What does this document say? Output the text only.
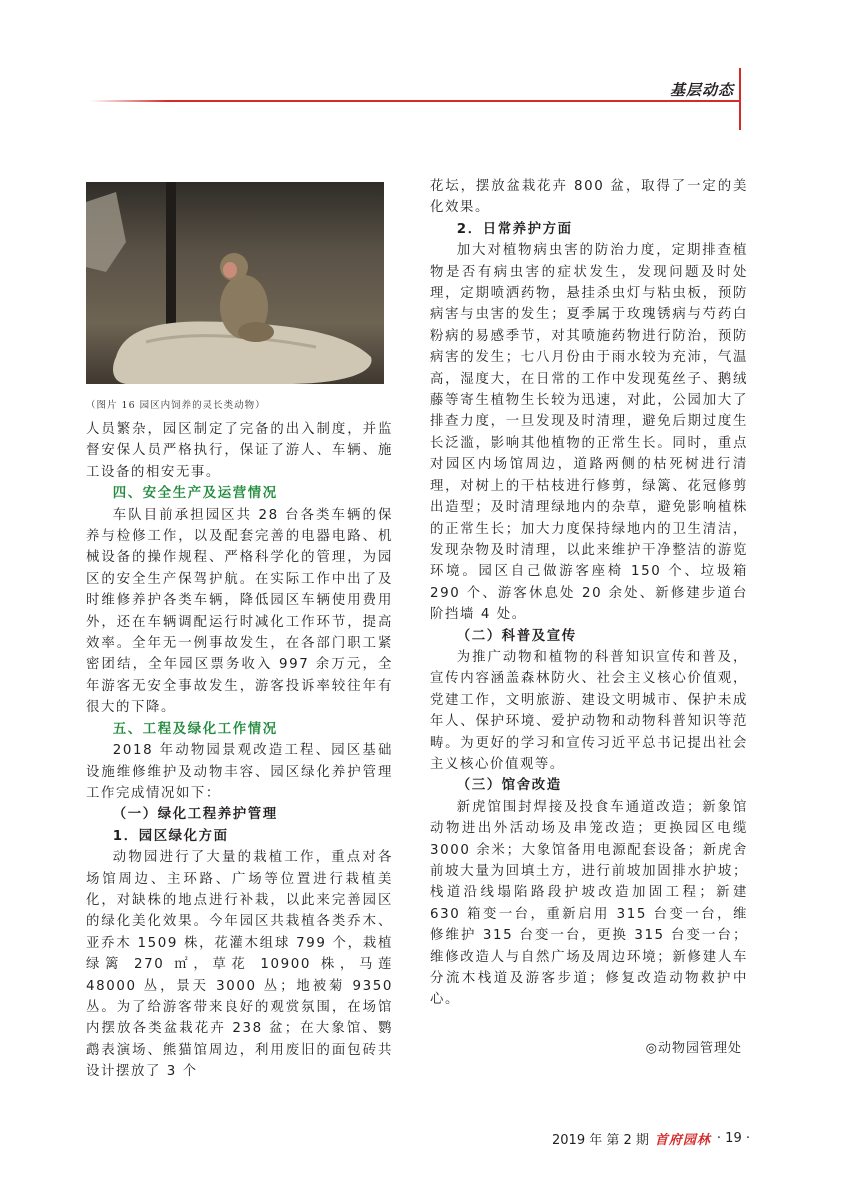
基层动态
（图片 16 园区内饲养的灵长类动物）

人员繁杂，园区制定了完备的出入制度，并监督安保人员严格执行，保证了游人、车辆、施工设备的相安无事。

四、安全生产及运营情况

车队目前承担园区共 28 台各类车辆的保养与检修工作，以及配套完善的电器电路、机械设备的操作规程、严格科学化的管理，为园区的安全生产保驾护航。在实际工作中出了及时维修养护各类车辆，降低园区车辆使用费用外，还在车辆调配运行时减化工作环节，提高效率。全年无一例事故发生，在各部门职工紧密团结，全年园区票务收入 997 余万元，全年游客无安全事故发生，游客投诉率较往年有很大的下降。

五、工程及绿化工作情况

2018 年动物园景观改造工程、园区基础设施维修维护及动物丰容、园区绿化养护管理工作完成情况如下：

（一）绿化工程养护管理

1．园区绿化方面

动物园进行了大量的栽植工作，重点对各场馆周边、主环路、广场等位置进行栽植美化，对缺株的地点进行补栽，以此来完善园区的绿化美化效果。今年园区共栽植各类乔木、亚乔木 1509 株，花灌木组球 799 个，栽植绿篱 270 ㎡，草花 10900 株，马莲 48000 丛，景天 3000 丛；地被菊 9350 丛。为了给游客带来良好的观赏氛围，在场馆内摆放各类盆栽花卉 238 盆；在大象馆、鹦鹉表演场、熊猫馆周边，利用废旧的面包砖共设计摆放了 3 个

花坛，摆放盆栽花卉 800 盆，取得了一定的美化效果。

2．日常养护方面

加大对植物病虫害的防治力度，定期排查植物是否有病虫害的症状发生，发现问题及时处理，定期喷洒药物，悬挂杀虫灯与粘虫板，预防病害与虫害的发生；夏季属于玫瑰锈病与芍药白粉病的易感季节，对其喷施药物进行防治，预防病害的发生；七八月份由于雨水较为充沛，气温高，湿度大，在日常的工作中发现菟丝子、鹅绒藤等寄生植物生长较为迅速，对此，公园加大了排查力度，一旦发现及时清理，避免后期过度生长泛滥，影响其他植物的正常生长。同时，重点对园区内场馆周边，道路两侧的枯死树进行清理，对树上的干枯枝进行修剪，绿篱、花冠修剪出造型；及时清理绿地内的杂草，避免影响植株的正常生长；加大力度保持绿地内的卫生清洁，发现杂物及时清理，以此来维护干净整洁的游览环境。园区自己做游客座椅 150 个、垃圾箱 290 个、游客休息处 20 余处、新修建步道台阶挡墙 4 处。

（二）科普及宣传

为推广动物和植物的科普知识宣传和普及，宣传内容涵盖森林防火、社会主义核心价值观，党建工作，文明旅游、建设文明城市、保护未成年人、保护环境、爱护动物和动物科普知识等范畴。为更好的学习和宣传习近平总书记提出社会主义核心价值观等。

（三）馆舍改造

新虎馆围封焊接及投食车通道改造；新象馆动物进出外活动场及串笼改造；更换园区电缆 3000 余米；大象馆备用电源配套设备；新虎舍前坡大量为回填土方，进行前坡加固排水护坡；栈道沿线塌陷路段护坡改造加固工程；新建 630 箱变一台，重新启用 315 台变一台，维修维护 315 台变一台，更换 315 台变一台；维修改造人与自然广场及周边环境；新修建人车分流木栈道及游客步道；修复改造动物救护中心。

◎动物园管理处
2019 年 第 2 期 首府园林 · 19 ·
